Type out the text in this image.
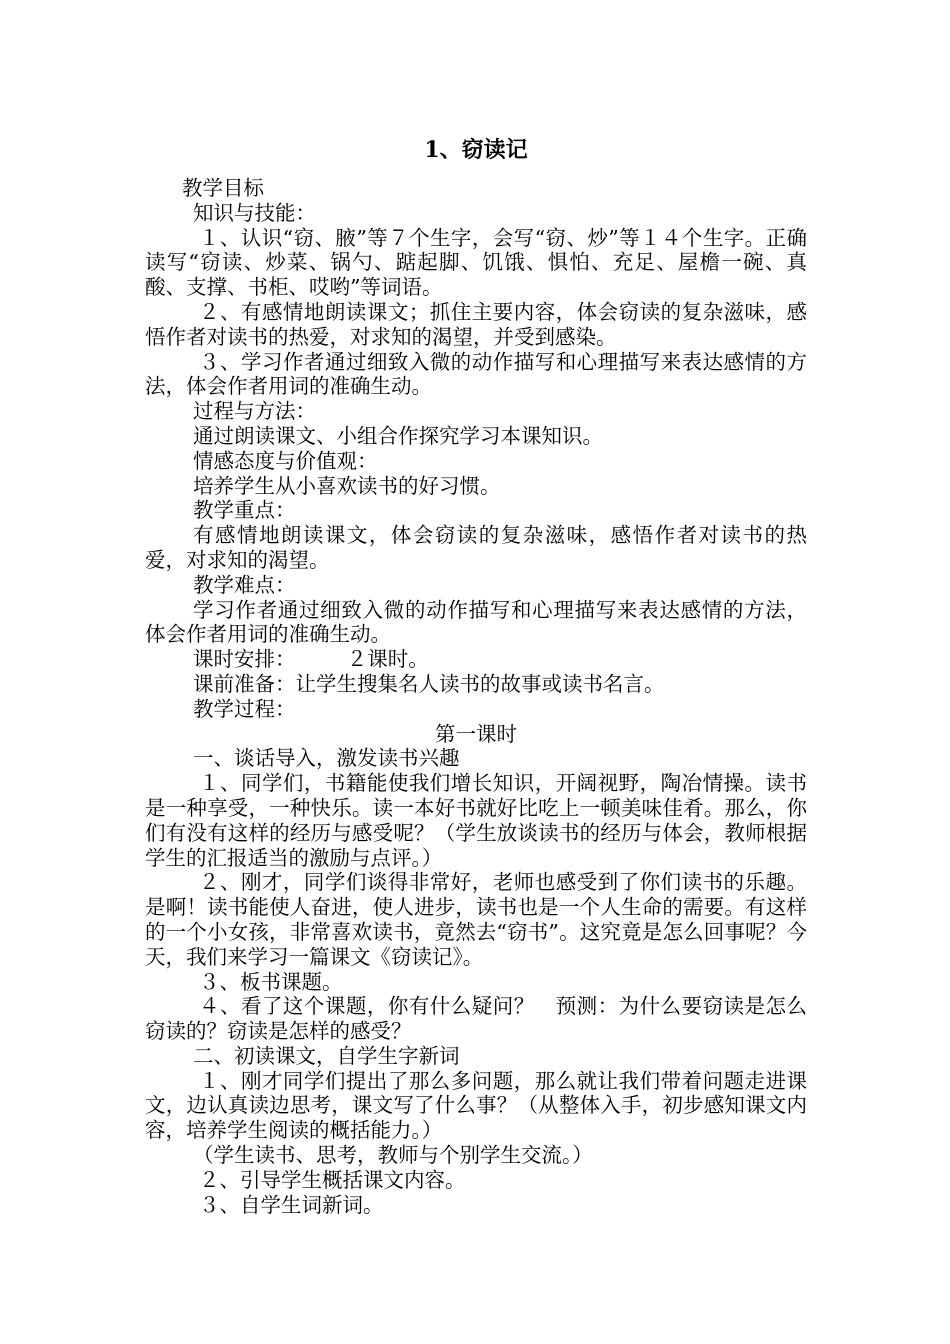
1、窃读记

教学目标

知识与技能：

１、认识“窃、腋”等７个生字，会写“窃、炒”等１４个生字。正确读写“窃读、炒菜、锅勺、踮起脚、饥饿、惧怕、充足、屋檐一碗、真酸、支撑、书柜、哎哟”等词语。

２、有感情地朗读课文；抓住主要内容，体会窃读的复杂滋味，感悟作者对读书的热爱，对求知的渴望，并受到感染。

３、学习作者通过细致入微的动作描写和心理描写来表达感情的方法，体会作者用词的准确生动。

过程与方法：

通过朗读课文、小组合作探究学习本课知识。

情感态度与价值观：

培养学生从小喜欢读书的好习惯。

教学重点：

有感情地朗读课文，体会窃读的复杂滋味，感悟作者对读书的热爱，对求知的渴望。

教学难点：

学习作者通过细致入微的动作描写和心理描写来表达感情的方法，体会作者用词的准确生动。

课时安排：　　　２课时。

课前准备：让学生搜集名人读书的故事或读书名言。

教学过程：

第一课时

一、谈话导入，激发读书兴趣

１、同学们，书籍能使我们增长知识，开阔视野，陶冶情操。读书是一种享受，一种快乐。读一本好书就好比吃上一顿美味佳肴。那么，你们有没有这样的经历与感受呢？（学生放谈读书的经历与体会，教师根据学生的汇报适当的激励与点评。）

２、刚才，同学们谈得非常好，老师也感受到了你们读书的乐趣。是啊！读书能使人奋进，使人进步，读书也是一个人生命的需要。有这样的一个小女孩，非常喜欢读书，竟然去“窃书”。这究竟是怎么回事呢？今天，我们来学习一篇课文《窃读记》。

３、板书课题。

４、看了这个课题，你有什么疑问？　预测：为什么要窃读是怎么窃读的？窃读是怎样的感受？

二、初读课文，自学生字新词

１、刚才同学们提出了那么多问题，那么就让我们带着问题走进课文，边认真读边思考，课文写了什么事？（从整体入手，初步感知课文内容，培养学生阅读的概括能力。）

（学生读书、思考，教师与个别学生交流。）

２、引导学生概括课文内容。

３、自学生词新词。
